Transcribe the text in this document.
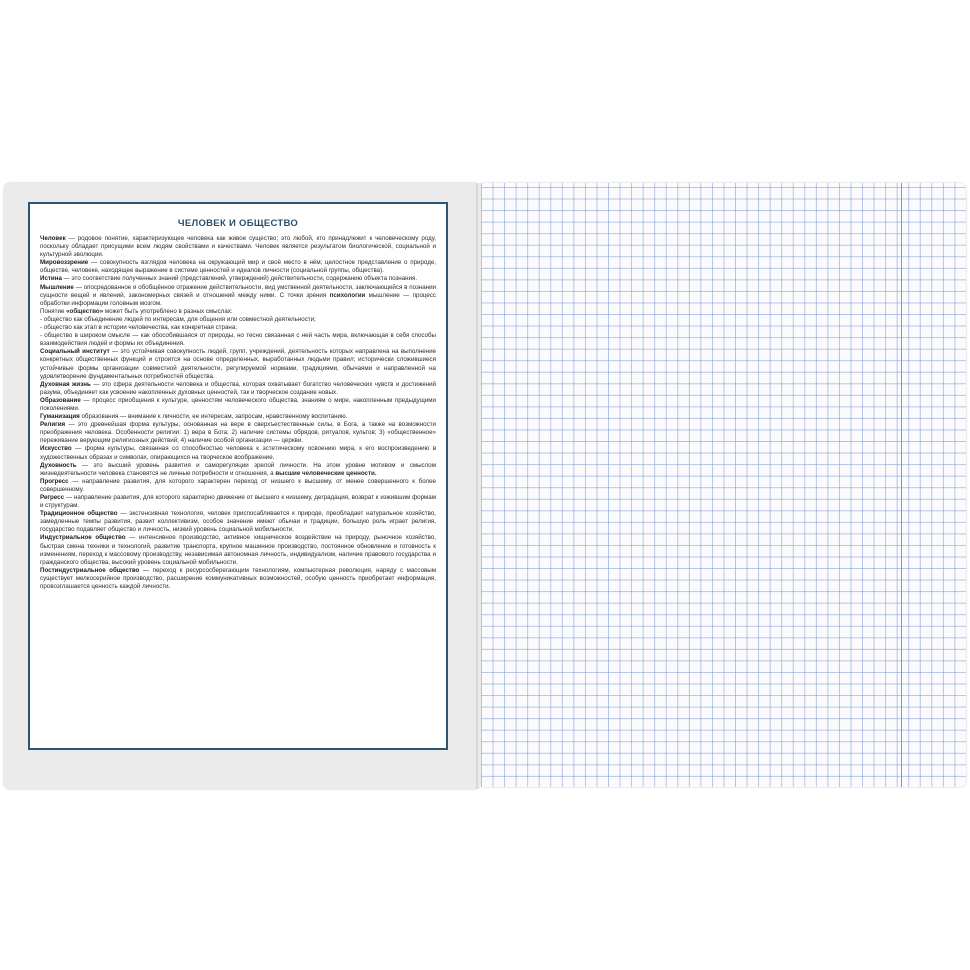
ЧЕЛОВЕК И ОБЩЕСТВО

Человек — родовое понятие, характеризующее человека как живое существо; это любой, кто принадлежит к человеческому роду, поскольку обладает присущими всем людям свойствами и качествами. Человек является результатом биологической, социальной и культурной эволюции.

Мировоззрение — совокупность взглядов человека на окружающий мир и своё место в нём; целостное представление о природе, обществе, человеке, находящее выражение в системе ценностей и идеалов личности (социальной группы, общества).

Истина — это соответствие полученных знаний (представлений, утверждений) действительности, содержанию объекта познания.

Мышление — опосредованное и обобщённое отражение действительности, вид умственной деятельности, заключающейся в познании сущности вещей и явлений, закономерных связей и отношений между ними. С точки зрения психологии мышление — процесс обработки информации головным мозгом.

Понятие «общество» может быть употреблено в разных смыслах:

- общество как объединение людей по интересам, для общения или совместной деятельности;

- общество как этап в истории человечества, как конкретная страна;

- общество в широком смысле — как обособившаяся от природы, но тесно связанная с ней часть мира, включающая в себя способы взаимодействия людей и формы их объединения.

Социальный институт — это устойчивая совокупность людей, групп, учреждений, деятельность которых направлена на выполнение конкретных общественных функций и строится на основе определенных, выработанных людьми правил; исторически сложившиеся устойчивые формы организации совместной деятельности, регулируемой нормами, традициями, обычаями и направленной на удовлетворение фундаментальных потребностей общества.

Духовная жизнь — это сфера деятельности человека и общества, которая охватывает богатство человеческих чувств и достижений разума, объединяет как усвоение накопленных духовных ценностей, так и творческое создание новых.

Образование — процесс приобщения к культуре, ценностям человеческого общества, знаниям о мире, накопленным предыдущими поколениями.

Гуманизация образования — внимание к личности, ее интересам, запросам, нравственному воспитанию.

Религия — это древнейшая форма культуры, основанная на вере в сверхъестественные силы, в Бога, а также на возможности преображения человека. Особенности религии: 1) вера в Бога; 2) наличие системы обрядов, ритуалов, культов; 3) «общественное» переживание верующим религиозных действий; 4) наличие особой организации — церкви.

Искусство — форма культуры, связанная со способностью человека к эстетическому освоению мира, к его воспроизведению в художественных образах и символах, опирающихся на творческое воображение.

Духовность — это высший уровень развития и саморегуляции зрелой личности. На этом уровне мотивом и смыслом жизнедеятельности человека становятся не личные потребности и отношения, а высшие человеческие ценности.

Прогресс — направление развития, для которого характерен переход от низшего к высшему, от менее совершенного к более совершенному.

Регресс — направление развития, для которого характерно движение от высшего к низшему, деградация, возврат к изжившим формам и структурам.

Традиционное общество — экстенсивная технология, человек приспосабливается к природе, преобладает натуральное хозяйство, замедленные темпы развития, развит коллективизм, особое значение имеют обычаи и традиции, большую роль играет религия, государство подавляет общество и личность, низкий уровень социальной мобильности.

Индустриальное общество — интенсивное производство, активное хищническое воздействие на природу, рыночное хозяйство, быстрая смена техники и технологий, развитие транспорта, крупное машинное производство, постоянное обновление и готовность к изменениям, переход к массовому производству, независимая автономная личность, индивидуализм, наличие правового государства и гражданского общества, высокий уровень социальной мобильности.

Постиндустриальное общество — переход к ресурсосберегающим технологиям, компьютерная революция, наряду с массовым существует мелкосерийное производство, расширение коммуникативных возможностей, особую ценность приобретает информация, провозглашается ценность каждой личности.
